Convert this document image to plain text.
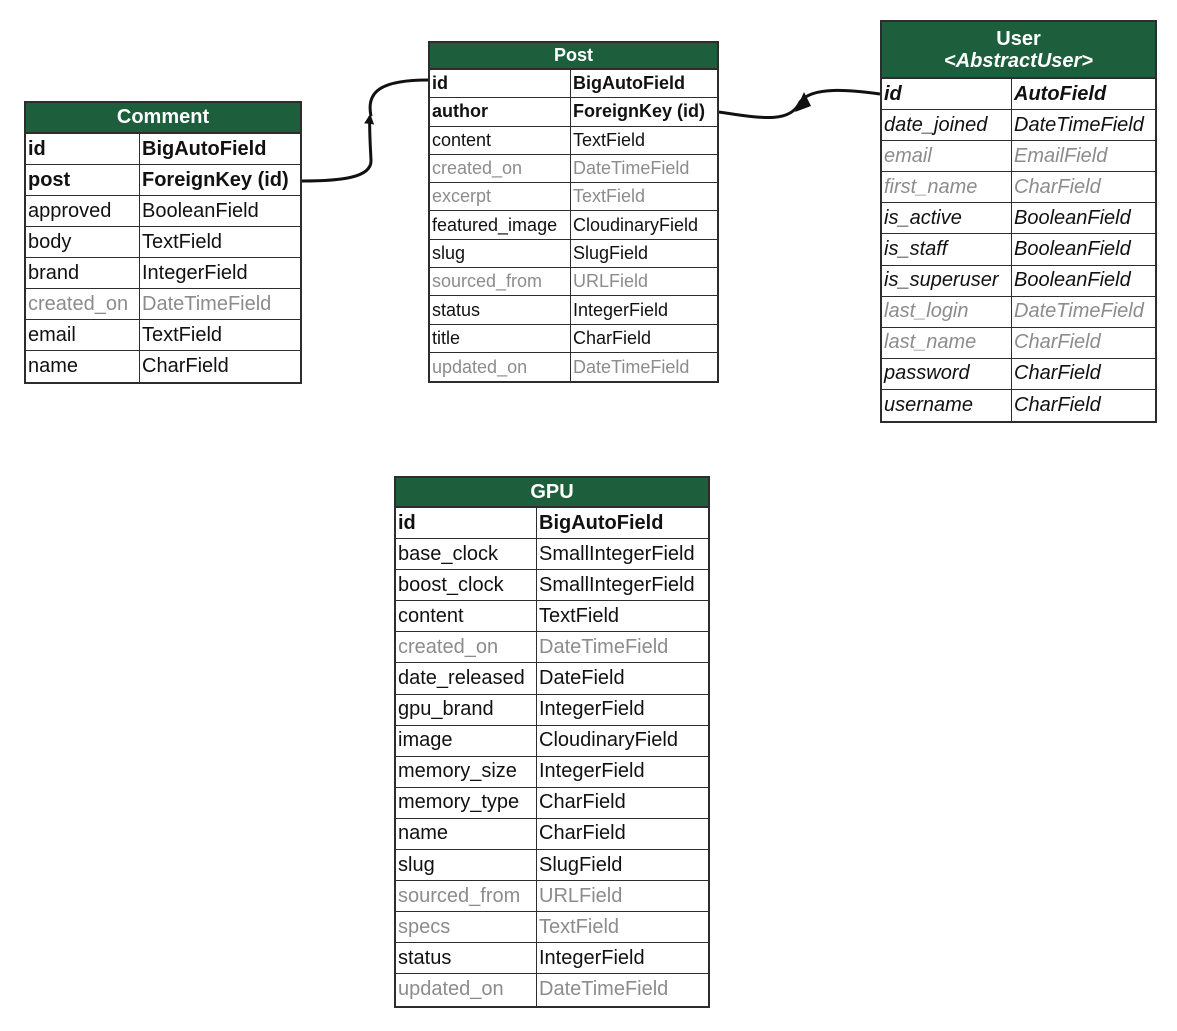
Comment
id	BigAutoField
post	ForeignKey (id)
approved	BooleanField
body	TextField
brand	IntegerField
created_on DateTimeField
email	TextField
name	CharField
Post
id	BigAutoField
author	ForeignKey (id)
content	TextField
created_on	DateTimeField
excerpt	TextField
featured_image CloudinaryField
slug	SlugField
sourced_from	URLField
status	IntegerField
title	CharField
updated_on	DateTimeField
User
<AbstractUser>
id	AutoField
date_joined	DateTimeField
email	EmailField
first_name	CharField
is_active	BooleanField
is_staff	BooleanField
is_superuser BooleanField
last_login	DateTimeField
last_name	CharField
password	CharField
username	CharField
GPU
id	BigAutoField
base_clock	SmallIntegerField
boost_clock	SmallIntegerField
content	TextField
created_on	DateTimeField
date_released DateField
gpu_brand	IntegerField
image	CloudinaryField
memory_size	IntegerField
memory_type CharField
name	CharField
slug	SlugField
sourced_from URLField
specs	TextField
status	IntegerField
updated_on	DateTimeField
